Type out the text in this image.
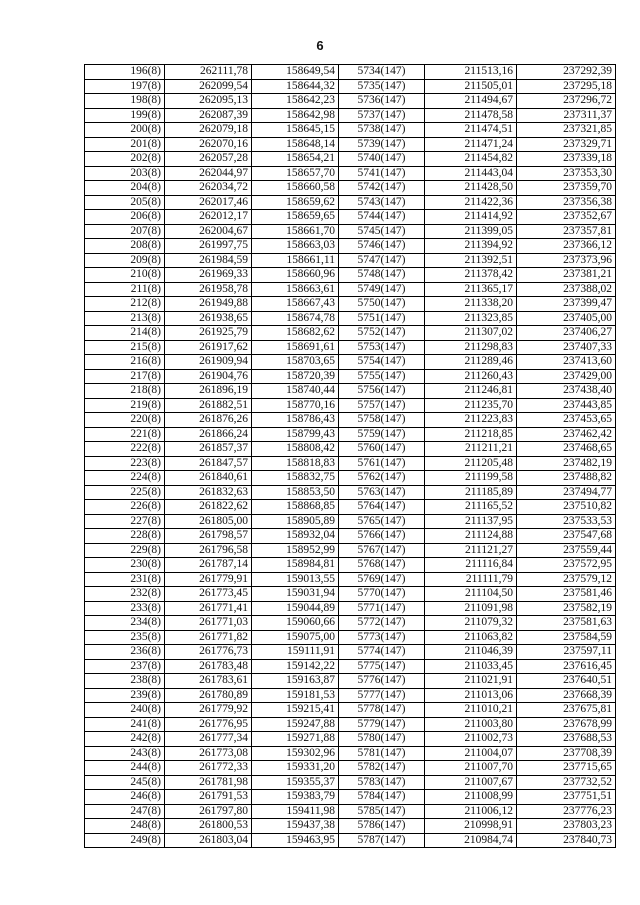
6
196(8)	262111,78	158649,54	5734(147)	211513,16	237292,39
197(8)	262099,54	158644,32	5735(147)	211505,01	237295,18
198(8)	262095,13	158642,23	5736(147)	211494,67	237296,72
199(8)	262087,39	158642,98	5737(147)	211478,58	237311,37
200(8)	262079,18	158645,15	5738(147)	211474,51	237321,85
201(8)	262070,16	158648,14	5739(147)	211471,24	237329,71
202(8)	262057,28	158654,21	5740(147)	211454,82	237339,18
203(8)	262044,97	158657,70	5741(147)	211443,04	237353,30
204(8)	262034,72	158660,58	5742(147)	211428,50	237359,70
205(8)	262017,46	158659,62	5743(147)	211422,36	237356,38
206(8)	262012,17	158659,65	5744(147)	211414,92	237352,67
207(8)	262004,67	158661,70	5745(147)	211399,05	237357,81
208(8)	261997,75	158663,03	5746(147)	211394,92	237366,12
209(8)	261984,59	158661,11	5747(147)	211392,51	237373,96
210(8)	261969,33	158660,96	5748(147)	211378,42	237381,21
211(8)	261958,78	158663,61	5749(147)	211365,17	237388,02
212(8)	261949,88	158667,43	5750(147)	211338,20	237399,47
213(8)	261938,65	158674,78	5751(147)	211323,85	237405,00
214(8)	261925,79	158682,62	5752(147)	211307,02	237406,27
215(8)	261917,62	158691,61	5753(147)	211298,83	237407,33
216(8)	261909,94	158703,65	5754(147)	211289,46	237413,60
217(8)	261904,76	158720,39	5755(147)	211260,43	237429,00
218(8)	261896,19	158740,44	5756(147)	211246,81	237438,40
219(8)	261882,51	158770,16	5757(147)	211235,70	237443,85
220(8)	261876,26	158786,43	5758(147)	211223,83	237453,65
221(8)	261866,24	158799,43	5759(147)	211218,85	237462,42
222(8)	261857,37	158808,42	5760(147)	211211,21	237468,65
223(8)	261847,57	158818,83	5761(147)	211205,48	237482,19
224(8)	261840,61	158832,75	5762(147)	211199,58	237488,82
225(8)	261832,63	158853,50	5763(147)	211185,89	237494,77
226(8)	261822,62	158868,85	5764(147)	211165,52	237510,82
227(8)	261805,00	158905,89	5765(147)	211137,95	237533,53
228(8)	261798,57	158932,04	5766(147)	211124,88	237547,68
229(8)	261796,58	158952,99	5767(147)	211121,27	237559,44
230(8)	261787,14	158984,81	5768(147)	211116,84	237572,95
231(8)	261779,91	159013,55	5769(147)	211111,79	237579,12
232(8)	261773,45	159031,94	5770(147)	211104,50	237581,46
233(8)	261771,41	159044,89	5771(147)	211091,98	237582,19
234(8)	261771,03	159060,66	5772(147)	211079,32	237581,63
235(8)	261771,82	159075,00	5773(147)	211063,82	237584,59
236(8)	261776,73	159111,91	5774(147)	211046,39	237597,11
237(8)	261783,48	159142,22	5775(147)	211033,45	237616,45
238(8)	261783,61	159163,87	5776(147)	211021,91	237640,51
239(8)	261780,89	159181,53	5777(147)	211013,06	237668,39
240(8)	261779,92	159215,41	5778(147)	211010,21	237675,81
241(8)	261776,95	159247,88	5779(147)	211003,80	237678,99
242(8)	261777,34	159271,88	5780(147)	211002,73	237688,53
243(8)	261773,08	159302,96	5781(147)	211004,07	237708,39
244(8)	261772,33	159331,20	5782(147)	211007,70	237715,65
245(8)	261781,98	159355,37	5783(147)	211007,67	237732,52
246(8)	261791,53	159383,79	5784(147)	211008,99	237751,51
247(8)	261797,80	159411,98	5785(147)	211006,12	237776,23
248(8)	261800,53	159437,38	5786(147)	210998,91	237803,23
249(8)	261803,04	159463,95	5787(147)	210984,74	237840,73
